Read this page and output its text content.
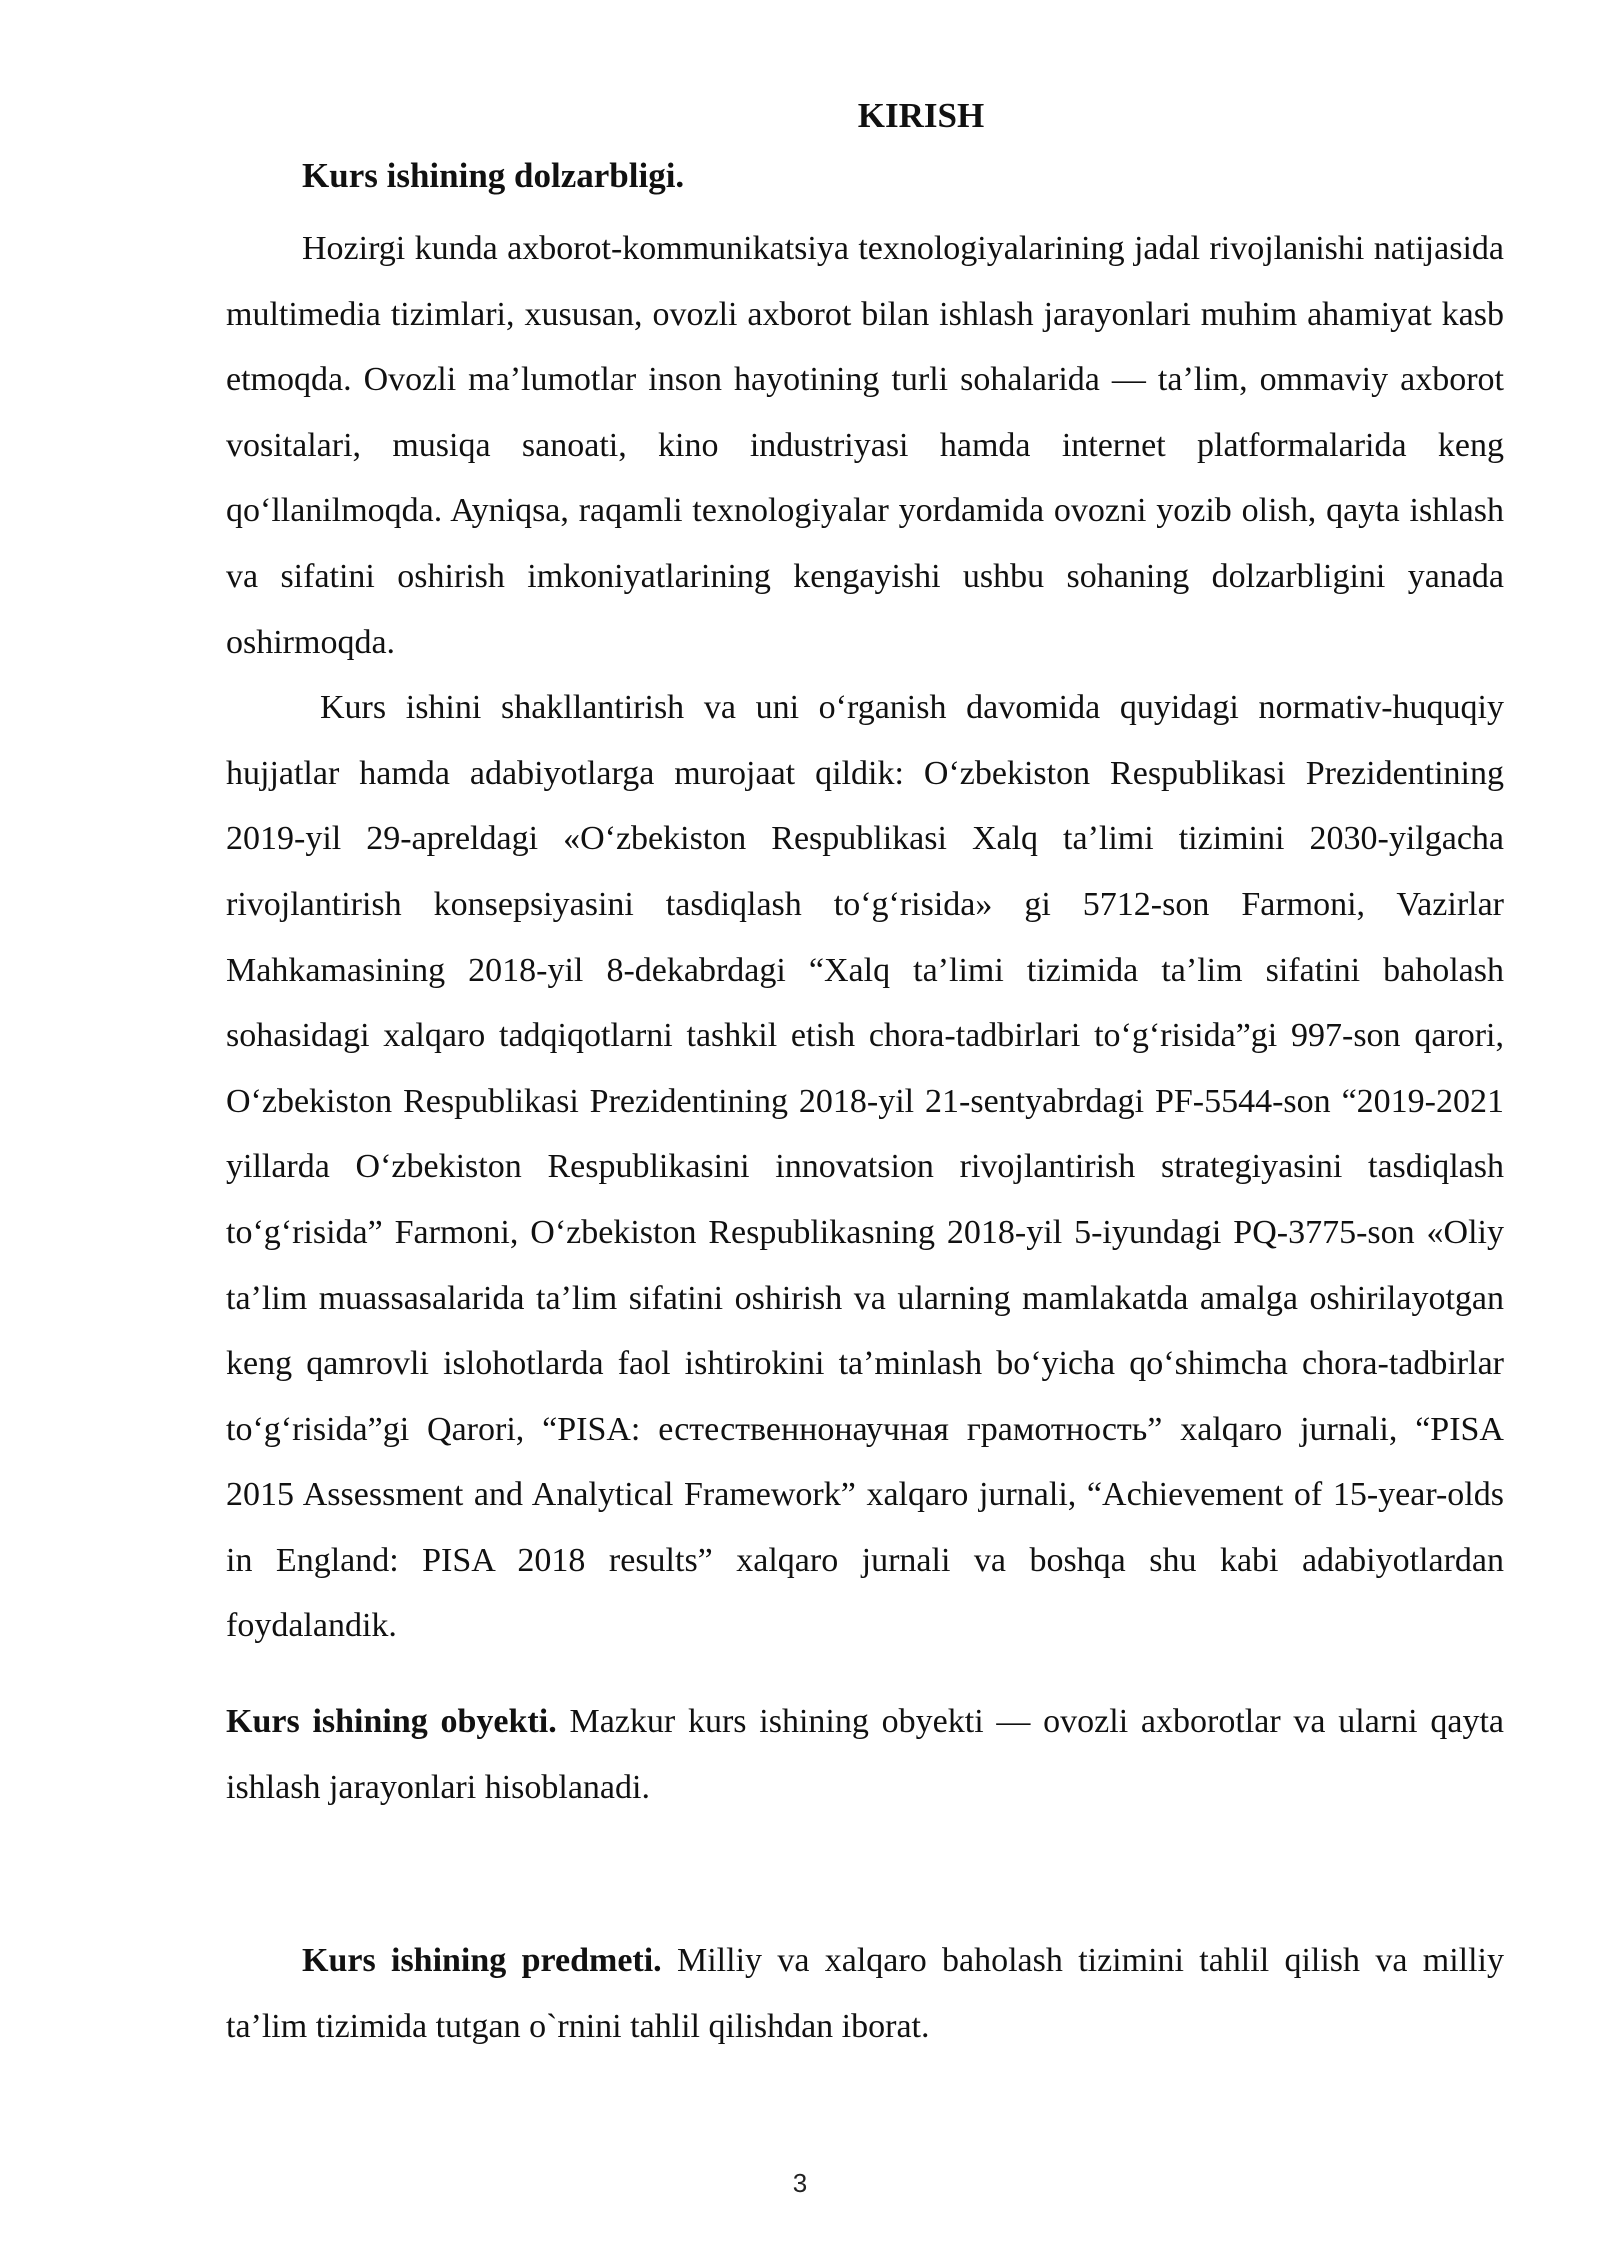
KIRISH
Kurs ishining dolzarbligi.

Hozirgi kunda axborot-kommunikatsiya texnologiyalarining jadal rivojlanishi natijasida multimedia tizimlari, xususan, ovozli axborot bilan ishlash jarayonlari muhim ahamiyat kasb etmoqda. Ovozli maʼlumotlar inson hayotining turli sohalarida — taʼlim, ommaviy axborot vositalari, musiqa sanoati, kino industriyasi hamda internet platformalarida keng qoʻllanilmoqda. Ayniqsa, raqamli texnologiyalar yordamida ovozni yozib olish, qayta ishlash va sifatini oshirish imkoniyatlarining kengayishi ushbu sohaning dolzarbligini yanada oshirmoqda.

Kurs ishini shakllantirish va uni oʻrganish davomida quyidagi normativ-huquqiy hujjatlar hamda adabiyotlarga murojaat qildik: Oʻzbekiston Respublikasi Prezidentining 2019-yil 29-apreldagi «Oʻzbekiston Respublikasi Xalq taʼlimi tizimini 2030-yilgacha rivojlantirish konsepsiyasini tasdiqlash toʻgʻrisida» gi 5712-son Farmoni, Vazirlar Mahkamasining 2018-yil 8-dekabrdagi “Xalq ta’limi tizimida ta’lim sifatini baholash sohasidagi xalqaro tadqiqotlarni tashkil etish chora-tadbirlari toʻgʻrisida”gi 997-son qarori, Oʻzbekiston Respublikasi Prezidentining 2018-yil 21-sentyabrdagi PF-5544-son “2019-2021 yillarda Oʻzbekiston Respublikasini innovatsion rivojlantirish strategiyasini tasdiqlash toʻgʻrisida” Farmoni, Oʻzbekiston Respublikasning 2018-yil 5-iyundagi PQ-3775-son «Oliy taʼlim muassasalarida taʼlim sifatini oshirish va ularning mamlakatda amalga oshirilayotgan keng qamrovli islohotlarda faol ishtirokini taʼminlash boʻyicha qoʻshimcha chora-tadbirlar toʻgʻrisida”gi Qarori, “PISA: естественнонаучная грамотность” xalqaro jurnali, “PISA 2015 Assessment and Analytical Framework” xalqaro jurnali, “Achievement of 15-year-olds in England: PISA 2018 results” xalqaro jurnali va boshqa shu kabi adabiyotlardan foydalandik.

Kurs ishining obyekti. Mazkur kurs ishining obyekti — ovozli axborotlar va ularni qayta ishlash jarayonlari hisoblanadi.

Kurs ishining predmeti. Milliy va xalqaro baholash tizimini tahlil qilish va milliy ta’lim tizimida tutgan o`rnini tahlil qilishdan iborat.

3
